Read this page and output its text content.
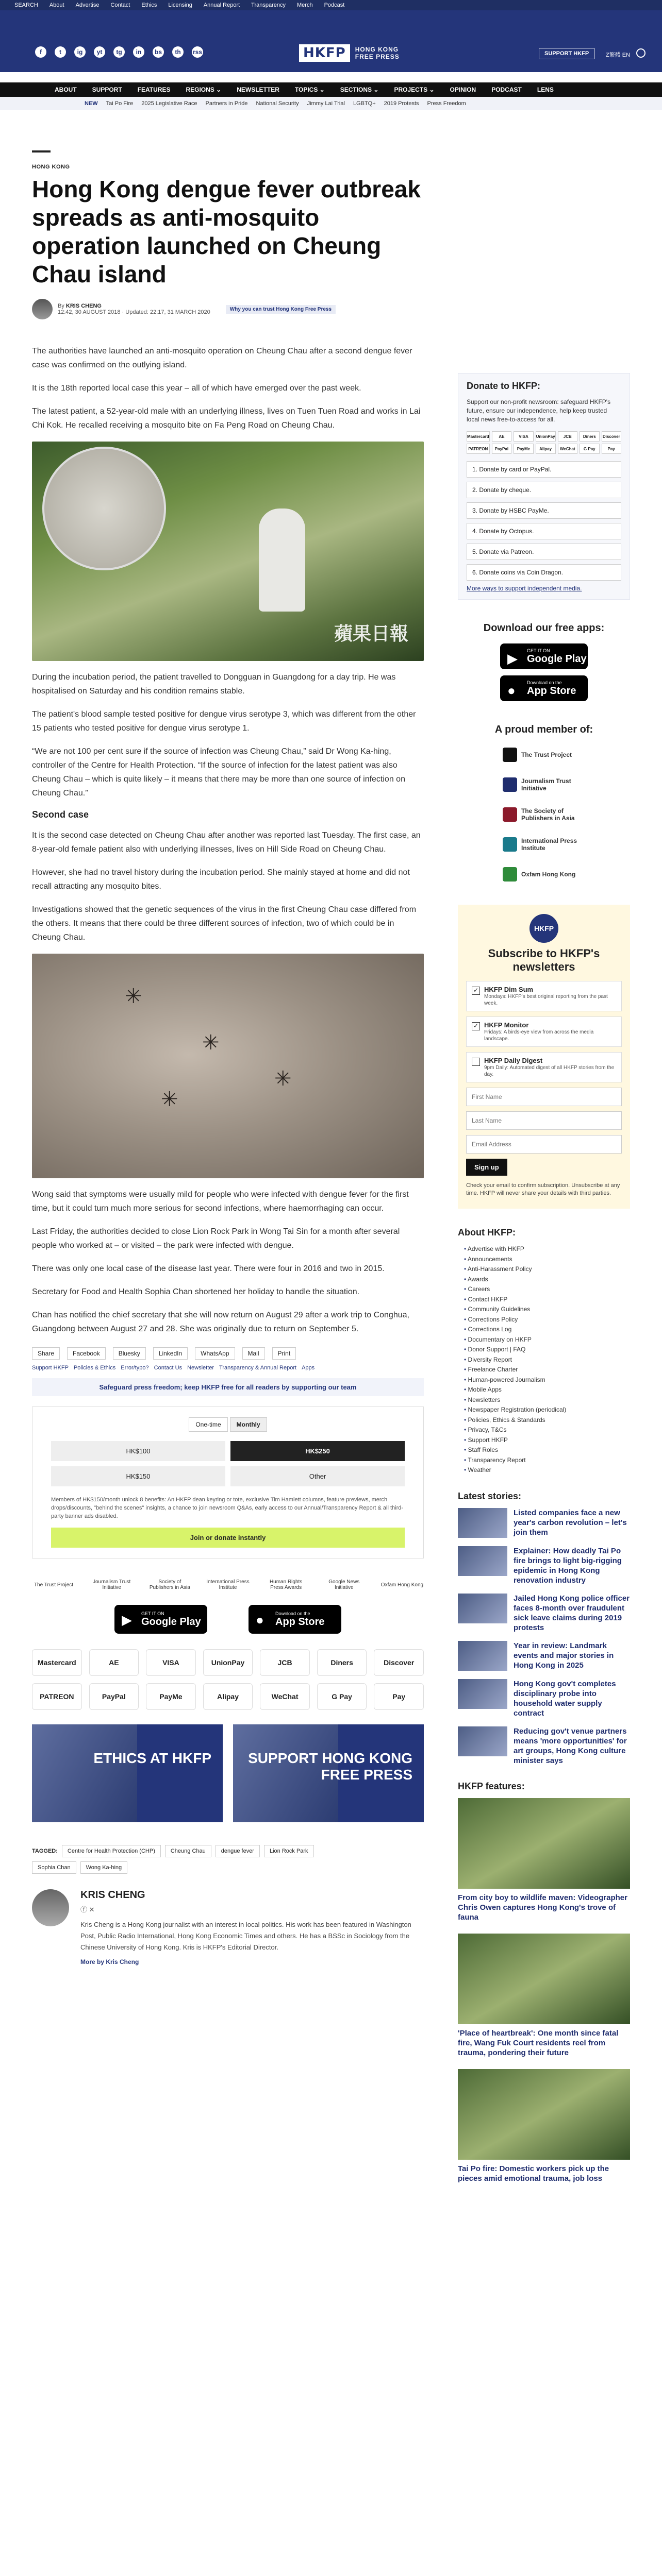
SEARCH About Advertise Contact Ethics Licensing Annual Report Transparency Merch Podcast
f	t	ig	yt	tg	in	bs	th	rss	HKFP	HONG KONG
FREE PRESS	SUPPORT HKFP	Z繁體 EN
ABOUT	SUPPORT	FEATURES	REGIONS ⌄	NEWSLETTER	TOPICS ⌄	SECTIONS ⌄	PROJECTS ⌄	OPINION	PODCAST	LENS
NEW Tai Po Fire 2025 Legislative Race Partners in Pride National Security Jimmy Lai Trial LGBTQ+ 2019 Protests Press Freedom
HONG KONG
Hong Kong dengue fever outbreak spreads as anti-mosquito operation launched on Cheung Chau island
By KRIS CHENG
12:42, 30 AUGUST 2018 · Updated: 22:17, 31 MARCH 2020	Why you can trust Hong Kong Free Press

The authorities have launched an anti-mosquito operation on Cheung Chau after a second dengue fever case was confirmed on the outlying island.

It is the 18th reported local case this year – all of which have emerged over the past week.

The latest patient, a 52-year-old male with an underlying illness, lives on Tuen Tuen Road and works in Lai Chi Kok. He recalled receiving a mosquito bite on Fa Peng Road on Cheung Chau.

蘋果日報

During the incubation period, the patient travelled to Dongguan in Guangdong for a day trip. He was hospitalised on Saturday and his condition remains stable.

The patient's blood sample tested positive for dengue virus serotype 3, which was different from the other 15 patients who tested positive for dengue virus serotype 1.

“We are not 100 per cent sure if the source of infection was Cheung Chau,” said Dr Wong Ka-hing, controller of the Centre for Health Protection. “If the source of infection for the latest patient was also Cheung Chau – which is quite likely – it means that there may be more than one source of infection on Cheung Chau.”

Second case

It is the second case detected on Cheung Chau after another was reported last Tuesday. The first case, an 8-year-old female patient also with underlying illnesses, lives on Hill Side Road on Cheung Chau.

However, she had no travel history during the incubation period. She mainly stayed at home and did not recall attracting any mosquito bites.

Investigations showed that the genetic sequences of the virus in the first Cheung Chau case differed from the others. It means that there could be three different sources of infection, two of which could be in Cheung Chau.

✳
✳
✳
✳

Wong said that symptoms were usually mild for people who were infected with dengue fever for the first time, but it could turn much more serious for second infections, where haemorrhaging can occur.

Last Friday, the authorities decided to close Lion Rock Park in Wong Tai Sin for a month after several people who worked at – or visited – the park were infected with dengue.

There was only one local case of the disease last year. There were four in 2016 and two in 2015.

Secretary for Food and Health Sophia Chan shortened her holiday to handle the situation.

Chan has notified the chief secretary that she will now return on August 29 after a work trip to Conghua, Guangdong between August 27 and 28. She was originally due to return on September 5.

Share	Facebook	Bluesky	LinkedIn	WhatsApp	Mail	Print
Support HKFP Policies & Ethics Error/typo? Contact Us Newsletter Transparency & Annual Report Apps
Safeguard press freedom; keep HKFP free for all readers by supporting our team
One-time	Monthly
HK$100	HK$250
HK$150	Other
Members of HK$150/month unlock 8 benefits: An HKFP dean keyring or tote, exclusive Tim Hamlett columns, feature previews, merch drops/discounts, "behind the scenes" insights, a chance to join newsroom Q&As, early access to our Annual/Transparency Report & all third-party banner ads disabled.
Join or donate instantly
The Trust Project	Journalism Trust Initiative
Society of Publishers in Asia
International Press Institute
Human Rights Press Awards
Google News Initiative	Oxfam Hong Kong
▶ GET IT ON
Google Play	● Download on the
App Store
Mastercard	AE	VISA	UnionPay	JCB	Diners	Discover
PATREON	PayPal	PayMe	Alipay	WeChat	G Pay	Pay
ETHICS AT HKFP	SUPPORT HONG KONG FREE PRESS
TAGGED:	Centre for Health Protection (CHP)	Cheung Chau	dengue fever	Lion Rock Park
Sophia Chan	Wong Ka-hing
KRIS CHENG
ⓕ ✕

Kris Cheng is a Hong Kong journalist with an interest in local politics. His work has been featured in Washington Post, Public Radio International, Hong Kong Economic Times and others. He has a BSSc in Sociology from the Chinese University of Hong Kong. Kris is HKFP's Editorial Director.

More by Kris Cheng
Donate to HKFP:
Support our non-profit newsroom: safeguard HKFP's future, ensure our independence, help keep trusted local news free-to-access for all.
Mastercard	AE	VISA	UnionPay	JCB	Diners	Discover
PATREON	PayPal	PayMe	Alipay	WeChat	G Pay	Pay
1. Donate by card or PayPal.
2. Donate by cheque.
3. Donate by HSBC PayMe.
4. Donate by Octopus.
5. Donate via Patreon.
6. Donate coins via Coin Dragon.
More ways to support independent media.
Download our free apps:
▶
GET IT ON
Google Play
●
Download on the
App Store
A proud member of:
The Trust Project
Journalism Trust Initiative
The Society of Publishers in Asia
International Press Institute
Oxfam Hong Kong
HKFP
Subscribe to HKFP's newsletters
✓ HKFP Dim Sum
Mondays: HKFP's best original reporting from the past week.
✓ HKFP Monitor
Fridays: A birds-eye view from across the media landscape.
HKFP Daily Digest
9pm Daily: Automated digest of all HKFP stories from the day.
First Name Last Name Email Address Sign up
Check your email to confirm subscription. Unsubscribe at any time. HKFP will never share your details with third parties.
About HKFP:
• Advertise with HKFP
• Announcements
• Anti-Harassment Policy
• Awards
• Careers
• Contact HKFP
• Community Guidelines
• Corrections Policy
• Corrections Log
• Documentary on HKFP
• Donor Support | FAQ
• Diversity Report
• Freelance Charter
• Human-powered Journalism
• Mobile Apps
• Newsletters
• Newspaper Registration (periodical)
• Policies, Ethics & Standards
• Privacy, T&Cs
• Support HKFP
• Staff Roles
• Transparency Report
• Weather
Latest stories:
Listed companies face a new year's carbon revolution – let's join them
Explainer: How deadly Tai Po fire brings to light big-rigging epidemic in Hong Kong renovation industry
Jailed Hong Kong police officer faces 8-month over fraudulent sick leave claims during 2019 protests
Year in review: Landmark events and major stories in Hong Kong in 2025
Hong Kong gov't completes disciplinary probe into household water supply contract
Reducing gov't venue partners means 'more opportunities' for art groups, Hong Kong culture minister says
HKFP features:
From city boy to wildlife maven: Videographer Chris Owen captures Hong Kong's trove of fauna
'Place of heartbreak': One month since fatal fire, Wang Fuk Court residents reel from trauma, pondering their future
Tai Po fire: Domestic workers pick up the pieces amid emotional trauma, job loss
